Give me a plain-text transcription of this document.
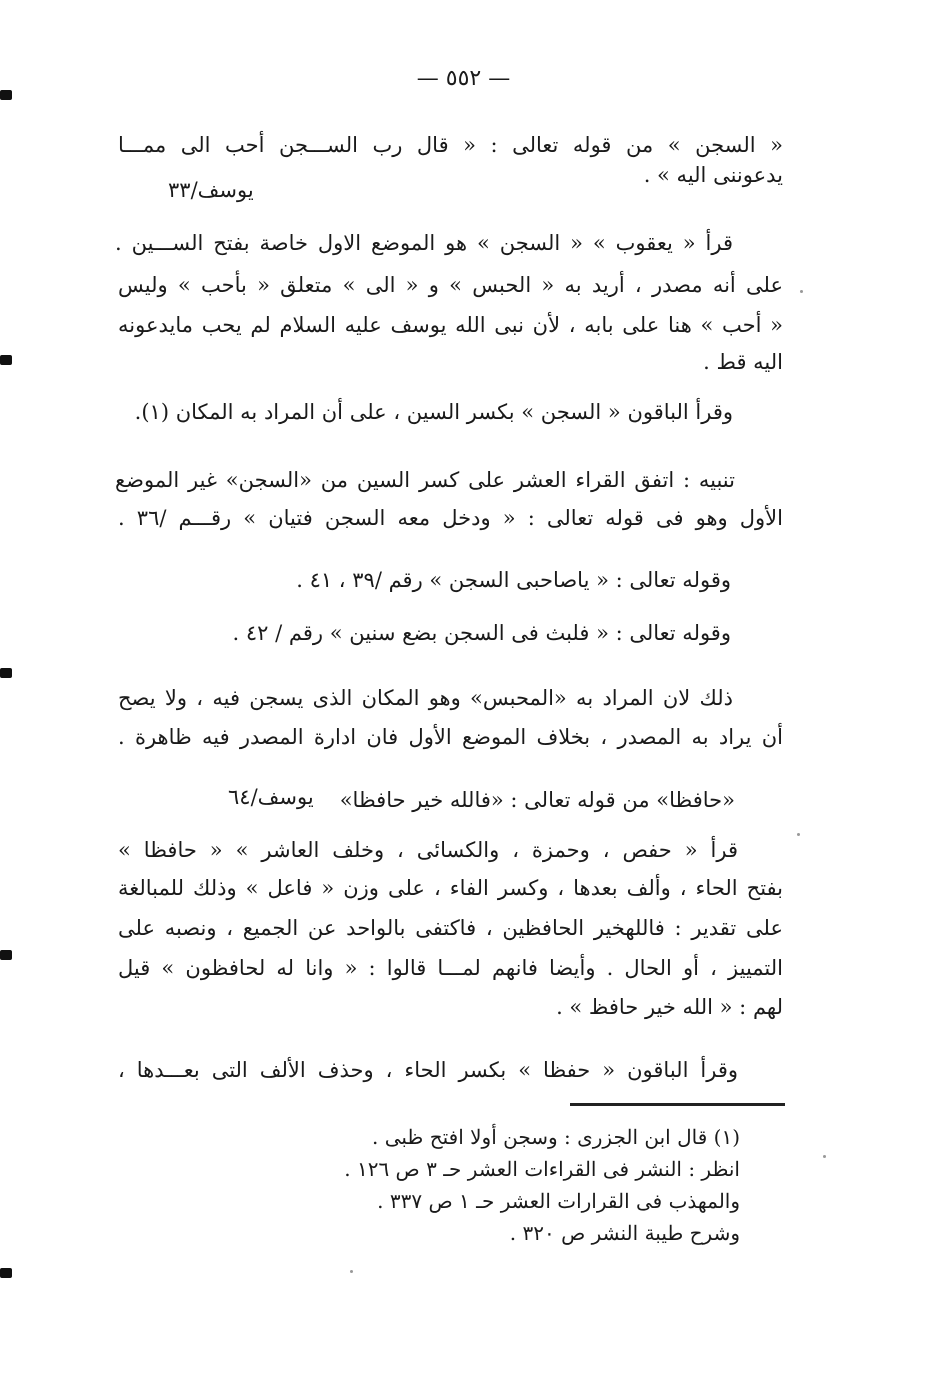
— ٥٥٢ —
« السجن » من قوله تعالى : « قال رب الســـجن أحب الى ممـــا
يدعوننى اليه » .
يوسف/٣٣
قرأ « يعقوب » « السجن » هو الموضع الاول خاصة بفتح الســـين .
على أنه مصدر ، أريد به « الحبس » و « الى » متعلق « بأحب » وليس
« أحب » هنا على بابه ، لأن نبى الله يوسف عليه السلام لم يحب مايدعونه
اليه قط .
وقرأ الباقون « السجن » بكسر السين ، على أن المراد به المكان (١).
تنبيه : اتفق القراء العشر على كسر السين من «السجن» غير الموضع
الأول وهو فى قوله تعالى : « ودخل معه السجن فتيان » رقـــم /٣٦ .
وقوله تعالى : « ياصاحبى السجن » رقم /٣٩ ، ٤١ .
وقوله تعالى : « فلبث فى السجن بضع سنين » رقم / ٤٢ .
ذلك لان المراد به «المحبس» وهو المكان الذى يسجن فيه ، ولا يصح
أن يراد به المصدر ، بخلاف الموضع الأول فان ادارة المصدر فيه ظاهرة .
«حافظا» من قوله تعالى : «فالله خير حافظا»
يوسف/٦٤
قرأ « حفص ، وحمزة ، والكسائى ، وخلف العاشر » « حافظا »
بفتح الحاء ، وألف بعدها ، وكسر الفاء ، على وزن « فاعل » وذلك للمبالغة
على تقدير : فاللهخير الحافظين ، فاكتفى بالواحد عن الجميع ، ونصبه على
التمييز ، أو الحال . وأيضا فانهم لمـــا قالوا : « وانا له لحافظون » قيل
لهم : « الله خير حافظ » .
وقرأ الباقون « حفظا » بكسر الحاء ، وحذف الألف التى بعـــدها ،
(١) قال ابن الجزرى : وسجن أولا افتح ظبى .
انظر : النشر فى القراءات العشر حـ ٣ ص ١٢٦ .
والمهذب فى القرارات العشر حـ ١ ص ٣٣٧ .
وشرح طيبة النشر ص ٣٢٠ .
